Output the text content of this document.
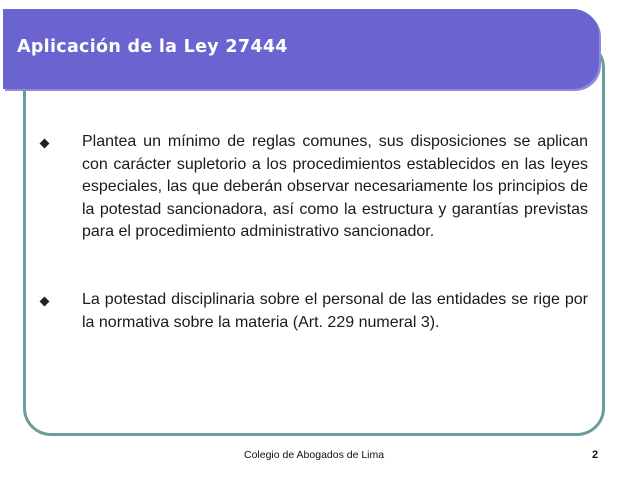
Aplicación de la Ley 27444
Plantea un mínimo de reglas comunes, sus disposiciones se aplican con carácter supletorio a los procedimientos establecidos en las leyes especiales, las que deberán observar necesariamente los principios de la potestad sancionadora, así como la estructura y garantías previstas para el procedimiento administrativo sancionador.
La potestad disciplinaria sobre el personal de las entidades se rige por la normativa sobre la materia (Art. 229 numeral 3).
Colegio de Abogados de Lima	2
